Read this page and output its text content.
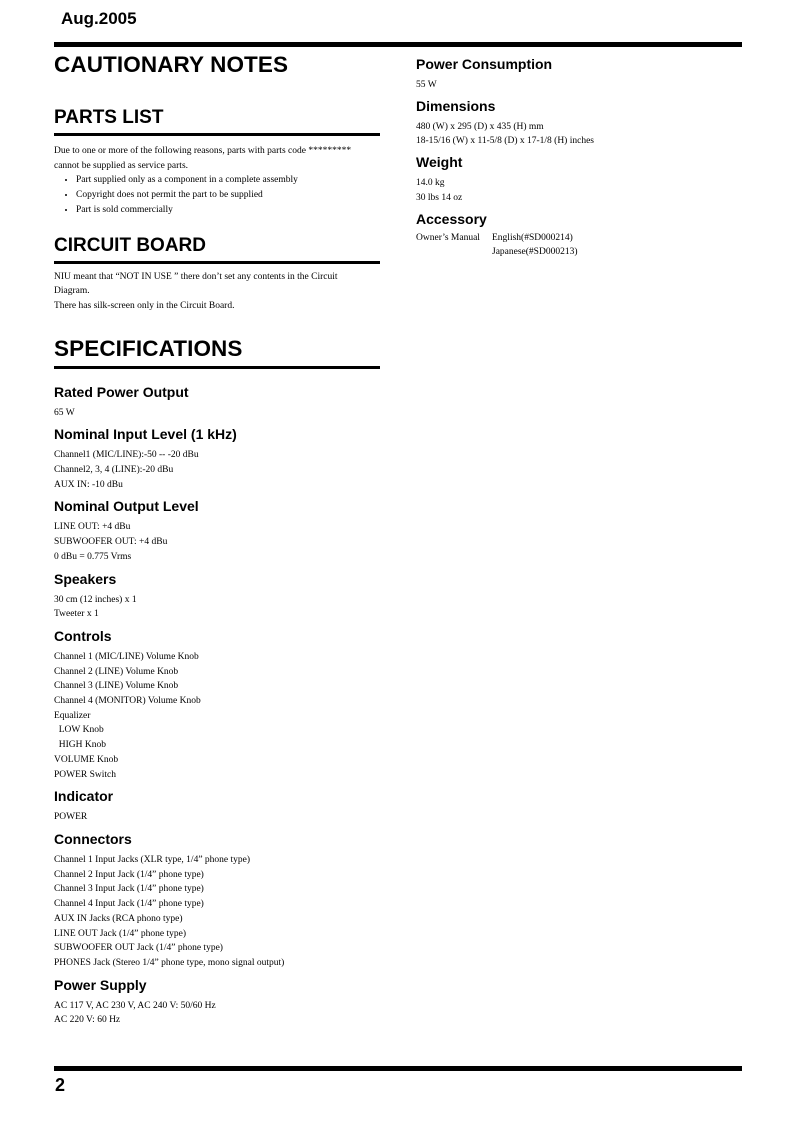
Aug.2005
CAUTIONARY NOTES
PARTS LIST

Due to one or more of the following reasons, parts with parts code *********

cannot be supplied as service parts.

• Part supplied only as a component in a complete assembly
• Copyright does not permit the part to be supplied
• Part is sold commercially
CIRCUIT BOARD

NIU meant that “NOT IN USE ” there don’t set any contents in the Circuit

Diagram.

There has silk-screen only in the Circuit Board.

SPECIFICATIONS
Rated Power Output
65 W
Nominal Input Level (1 kHz)
Channel1 (MIC/LINE):-50 -- -20 dBu
Channel2, 3, 4 (LINE):-20 dBu
AUX IN: -10 dBu
Nominal Output Level
LINE OUT: +4 dBu
SUBWOOFER OUT: +4 dBu
0 dBu = 0.775 Vrms
Speakers
30 cm (12 inches) x 1
Tweeter x 1
Controls
Channel 1 (MIC/LINE) Volume Knob
Channel 2 (LINE) Volume Knob
Channel 3 (LINE) Volume Knob
Channel 4 (MONITOR) Volume Knob
Equalizer
LOW Knob
HIGH Knob
VOLUME Knob
POWER Switch
Indicator
POWER
Connectors
Channel 1 Input Jacks (XLR type, 1/4” phone type)
Channel 2 Input Jack (1/4” phone type)
Channel 3 Input Jack (1/4” phone type)
Channel 4 Input Jack (1/4” phone type)
AUX IN Jacks (RCA phono type)
LINE OUT Jack (1/4” phone type)
SUBWOOFER OUT Jack (1/4” phone type)
PHONES Jack (Stereo 1/4” phone type, mono signal output)
Power Supply
AC 117 V, AC 230 V, AC 240 V: 50/60 Hz
AC 220 V: 60 Hz
Power Consumption
55 W
Dimensions
480 (W) x 295 (D) x 435 (H) mm
18-15/16 (W) x 11-5/8 (D) x 17-1/8 (H) inches
Weight
14.0 kg
30 lbs 14 oz
Accessory
Owner’s Manual	English(#SD000214)
Japanese(#SD000213)
2
